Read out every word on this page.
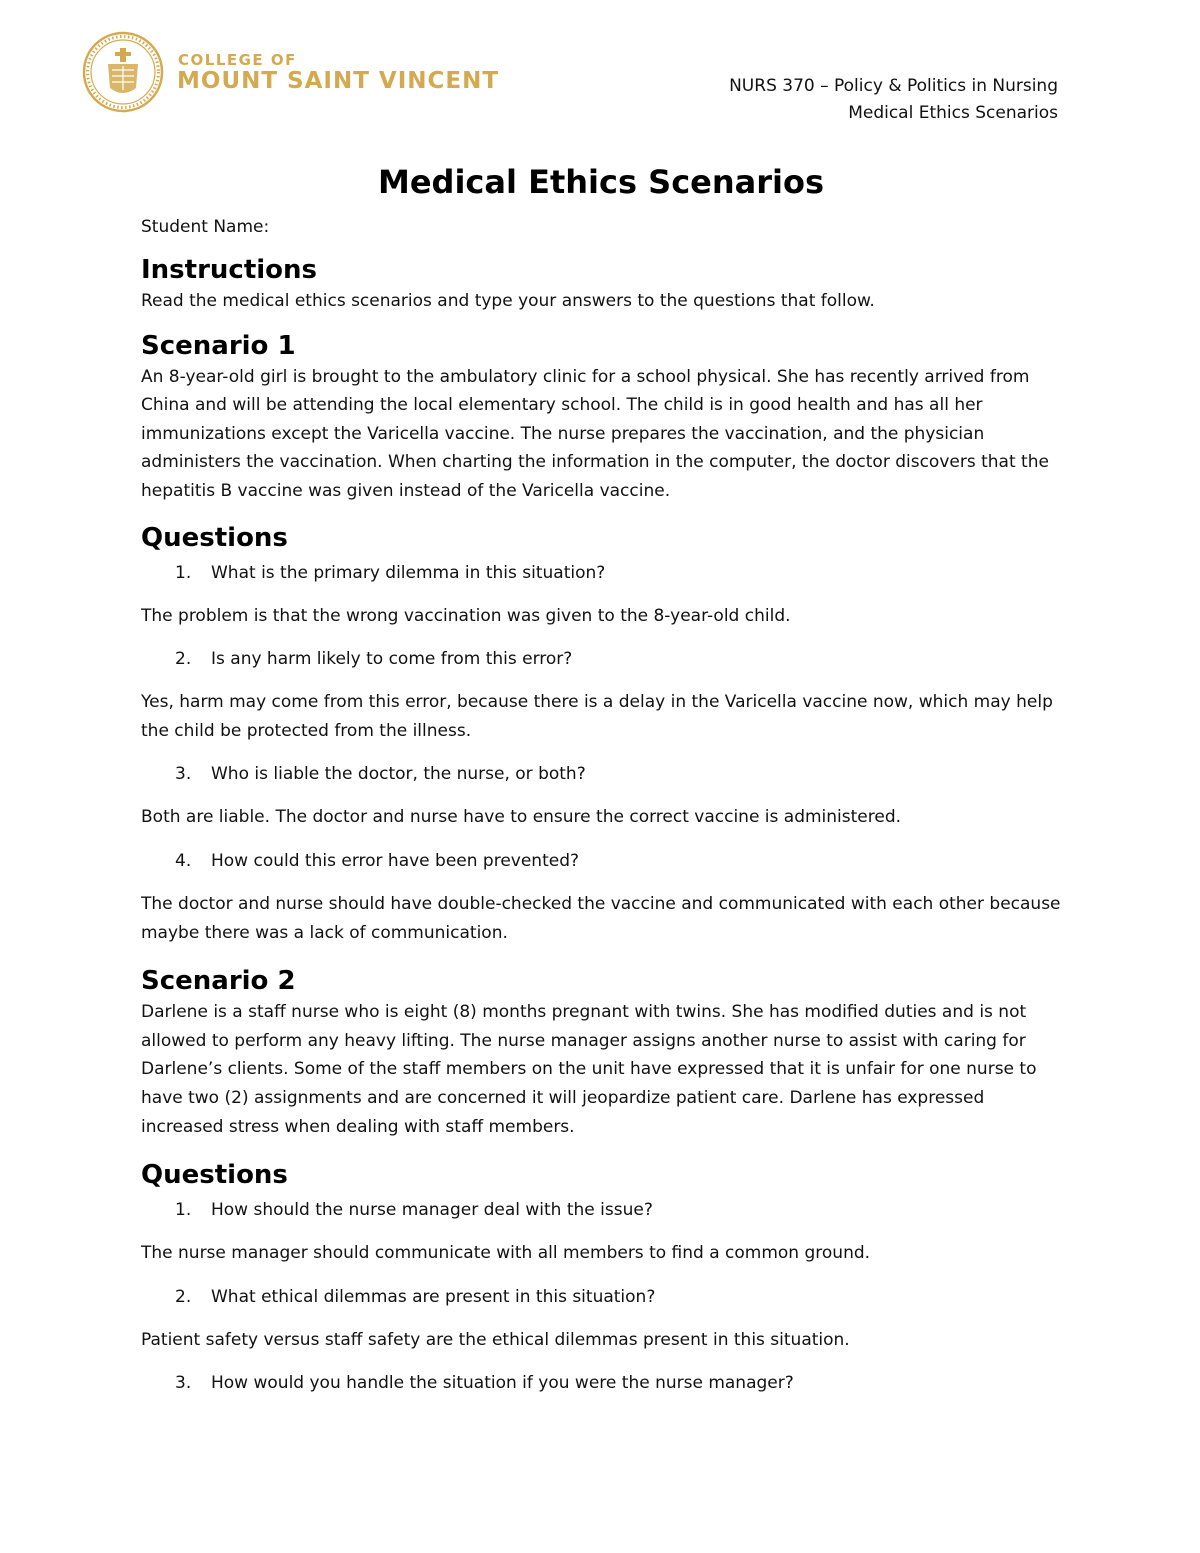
COLLEGE OF
MOUNT SAINT VINCENT	NURS 370 – Policy & Politics in Nursing
Medical Ethics Scenarios
Medical Ethics Scenarios

Student Name:

Instructions

Read the medical ethics scenarios and type your answers to the questions that follow.

Scenario 1

An 8-year-old girl is brought to the ambulatory clinic for a school physical. She has recently arrived from China and will be attending the local elementary school. The child is in good health and has all her immunizations except the Varicella vaccine. The nurse prepares the vaccination, and the physician administers the vaccination. When charting the information in the computer, the doctor discovers that the hepatitis B vaccine was given instead of the Varicella vaccine.

Questions
1. What is the primary dilemma in this situation?

The problem is that the wrong vaccination was given to the 8-year-old child.

2. Is any harm likely to come from this error?

Yes, harm may come from this error, because there is a delay in the Varicella vaccine now, which may help the child be protected from the illness.

3. Who is liable the doctor, the nurse, or both?

Both are liable. The doctor and nurse have to ensure the correct vaccine is administered.

4. How could this error have been prevented?

The doctor and nurse should have double-checked the vaccine and communicated with each other because maybe there was a lack of communication.

Scenario 2

Darlene is a staff nurse who is eight (8) months pregnant with twins. She has modified duties and is not allowed to perform any heavy lifting. The nurse manager assigns another nurse to assist with caring for Darlene’s clients. Some of the staff members on the unit have expressed that it is unfair for one nurse to have two (2) assignments and are concerned it will jeopardize patient care. Darlene has expressed increased stress when dealing with staff members.

Questions
1. How should the nurse manager deal with the issue?

The nurse manager should communicate with all members to find a common ground.

2. What ethical dilemmas are present in this situation?

Patient safety versus staff safety are the ethical dilemmas present in this situation.

3. How would you handle the situation if you were the nurse manager?
